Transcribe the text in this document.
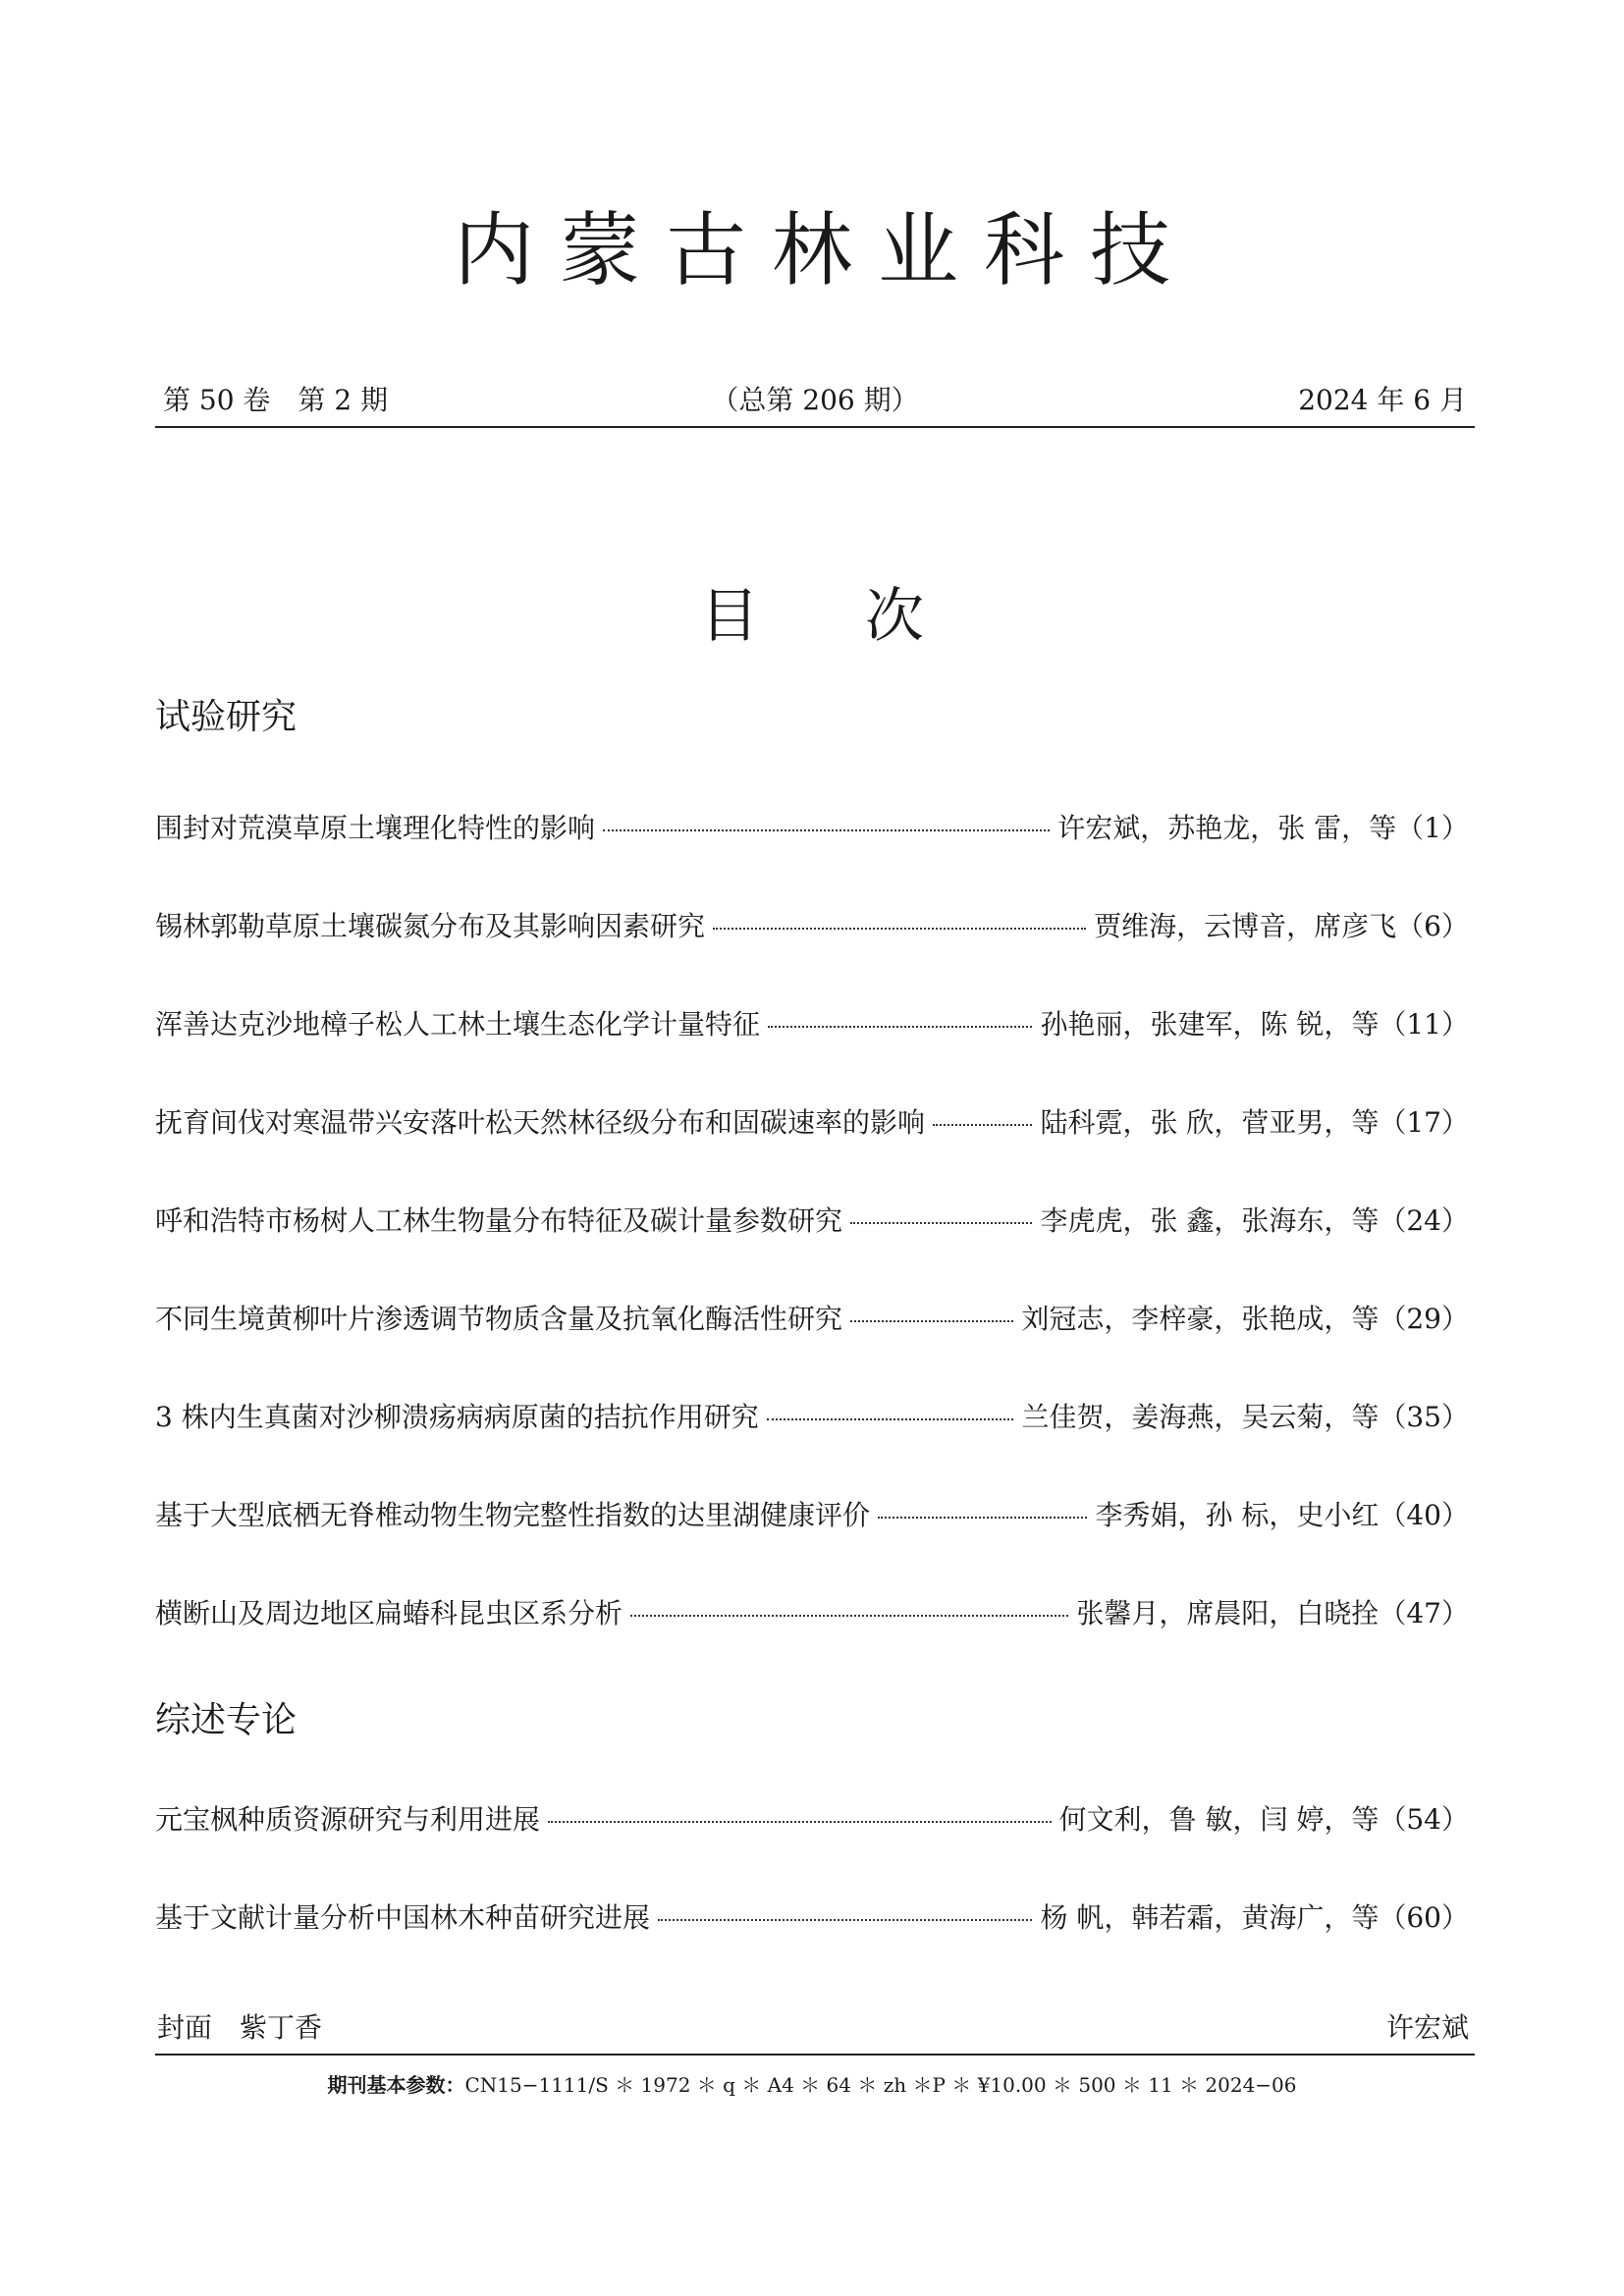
内蒙古林业科技
第 50 卷　第 2 期	（总第 206 期）	2024 年 6 月
目 次
试验研究
围封对荒漠草原土壤理化特性的影响	许宏斌，苏艳龙，张 雷，等 （1）
锡林郭勒草原土壤碳氮分布及其影响因素研究	贾维海，云博音，席彦飞 （6）
浑善达克沙地樟子松人工林土壤生态化学计量特征	孙艳丽，张建军，陈 锐，等 （11）
抚育间伐对寒温带兴安落叶松天然林径级分布和固碳速率的影响	陆科霓，张 欣，菅亚男，等 （17）
呼和浩特市杨树人工林生物量分布特征及碳计量参数研究	李虎虎，张 鑫，张海东，等 （24）
不同生境黄柳叶片渗透调节物质含量及抗氧化酶活性研究	刘冠志，李梓豪，张艳成，等 （29）
3 株内生真菌对沙柳溃疡病病原菌的拮抗作用研究	兰佳贺，姜海燕，吴云菊，等 （35）
基于大型底栖无脊椎动物生物完整性指数的达里湖健康评价	李秀娟，孙 标，史小红 （40）
横断山及周边地区扁蝽科昆虫区系分析	张馨月，席晨阳，白晓拴 （47）
综述专论
元宝枫种质资源研究与利用进展	何文利，鲁 敏，闫 婷，等 （54）
基于文献计量分析中国林木种苗研究进展	杨 帆，韩若霜，黄海广，等 （60）
封面　紫丁香	许宏斌
期刊基本参数：CN15−1111/S ＊ 1972 ＊ q ＊ A4 ＊ 64 ＊ zh ＊P ＊ ¥10.00 ＊ 500 ＊ 11 ＊ 2024−06
